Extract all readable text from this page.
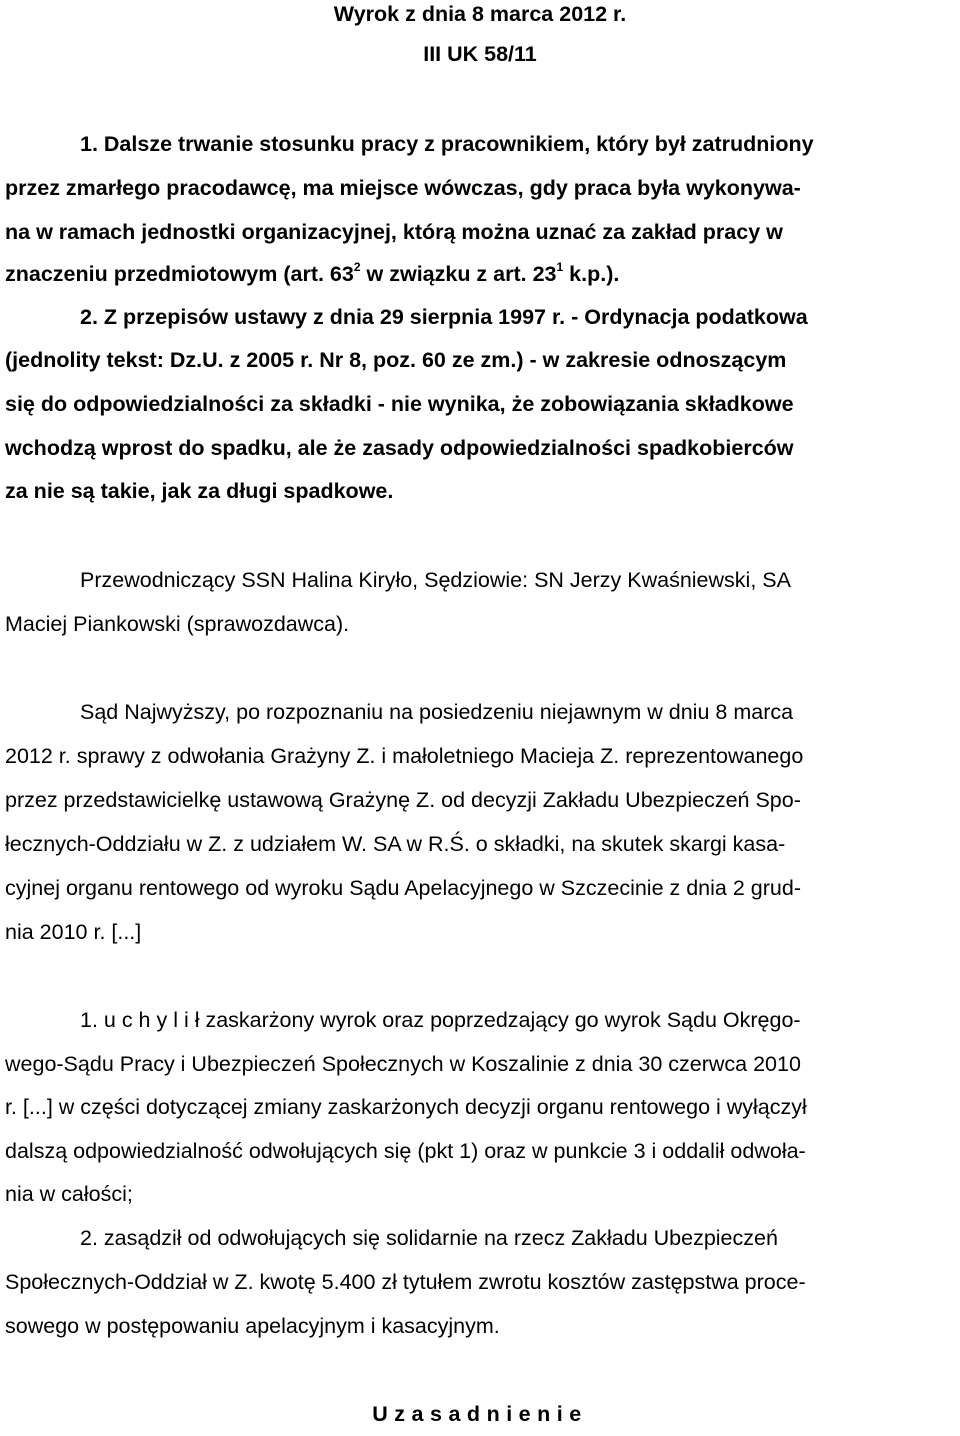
Wyrok z dnia 8 marca 2012 r.

III UK 58/11

1. Dalsze trwanie stosunku pracy z pracownikiem, który był zatrudniony

przez zmarłego pracodawcę, ma miejsce wówczas, gdy praca była wykonywa-

na w ramach jednostki organizacyjnej, którą można uznać za zakład pracy w

znaczeniu przedmiotowym (art. $63^2$ w związku z art. $23^1$ k.p.).

2. Z przepisów ustawy z dnia 29 sierpnia 1997 r. - Ordynacja podatkowa

(jednolity tekst: Dz.U. z 2005 r. Nr 8, poz. 60 ze zm.) - w zakresie odnoszącym

się do odpowiedzialności za składki - nie wynika, że zobowiązania składkowe

wchodzą wprost do spadku, ale że zasady odpowiedzialności spadkobierców

za nie są takie, jak za długi spadkowe.

Przewodniczący SSN Halina Kiryło, Sędziowie: SN Jerzy Kwaśniewski, SA

Maciej Piankowski (sprawozdawca).

Sąd Najwyższy, po rozpoznaniu na posiedzeniu niejawnym w dniu 8 marca

2012 r. sprawy z odwołania Grażyny Z. i małoletniego Macieja Z. reprezentowanego

przez przedstawicielkę ustawową Grażynę Z. od decyzji Zakładu Ubezpieczeń Spo-

łecznych-Oddziału w Z. z udziałem W. SA w R.Ś. o składki, na skutek skargi kasa-

cyjnej organu rentowego od wyroku Sądu Apelacyjnego w Szczecinie z dnia 2 grud-

nia 2010 r. [...]

1. u c h y l i ł zaskarżony wyrok oraz poprzedzający go wyrok Sądu Okręgo-

wego-Sądu Pracy i Ubezpieczeń Społecznych w Koszalinie z dnia 30 czerwca 2010

r. [...] w części dotyczącej zmiany zaskarżonych decyzji organu rentowego i wyłączył

dalszą odpowiedzialność odwołujących się (pkt 1) oraz w punkcie 3 i oddalił odwoła-

nia w całości;

2. zasądził od odwołujących się solidarnie na rzecz Zakładu Ubezpieczeń

Społecznych-Oddział w Z. kwotę 5.400 zł tytułem zwrotu kosztów zastępstwa proce-

sowego w postępowaniu apelacyjnym i kasacyjnym.

Uzasadnienie
